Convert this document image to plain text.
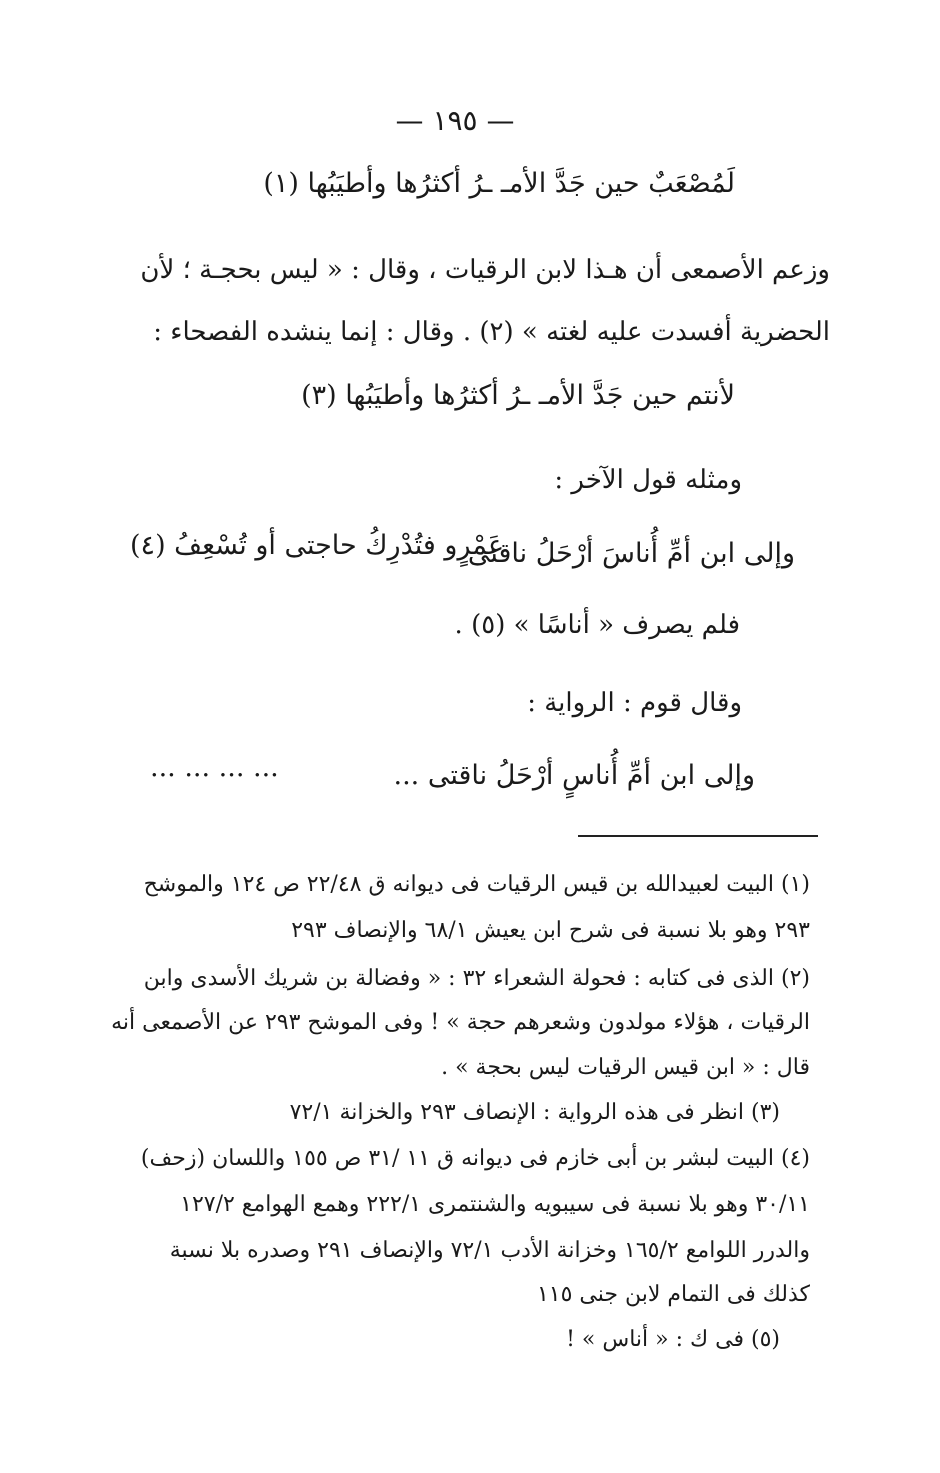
— ١٩٥ —
لَمُصْعَبٌ حين جَدَّ الأمـ ـرُ أكثرُها وأطيَبُها (١)
وزعم الأصمعى أن هـذا لابن الرقيات ، وقال : « ليس بحجـة ؛ لأن
الحضرية أفسدت عليه لغته » (٢) . وقال : إنما ينشده الفصحاء :
لأنتم حين جَدَّ الأمـ ـرُ أكثرُها وأطيَبُها (٣)
ومثله قول الآخر :
وإلى ابن أمِّ أُناسَ أرْحَلُ ناقتى
عَمْرٍو فتُدْرِكُ حاجتى أو تُسْعِفُ (٤)
فلم يصرف « أناسًا » (٥) .
وقال قوم : الرواية :
وإلى ابن أمِّ أُناسٍ أرْحَلُ ناقتى ...
... ... ... ...
(١) البيت لعبيدالله بن قيس الرقيات فى ديوانه ق ٢٢/٤٨ ص ١٢٤ والموشح
٢٩٣ وهو بلا نسبة فى شرح ابن يعيش ٦٨/١ والإنصاف ٢٩٣
(٢) الذى فى كتابه : فحولة الشعراء ٣٢ : « وفضالة بن شريك الأسدى وابن
الرقيات ، هؤلاء مولدون وشعرهم حجة » ! وفى الموشح ٢٩٣ عن الأصمعى أنه
قال : « ابن قيس الرقيات ليس بحجة » .
(٣) انظر فى هذه الرواية : الإنصاف ٢٩٣ والخزانة ٧٢/١
(٤) البيت لبشر بن أبى خازم فى ديوانه ق ١١ /٣١ ص ١٥٥ واللسان (زحف)
٣٠/١١ وهو بلا نسبة فى سيبويه والشنتمرى ٢٢٢/١ وهمع الهوامع ١٢٧/٢
والدرر اللوامع ١٦٥/٢ وخزانة الأدب ٧٢/١ والإنصاف ٢٩١ وصدره بلا نسبة
كذلك فى التمام لابن جنى ١١٥
(٥) فى ك : « أناس » !
